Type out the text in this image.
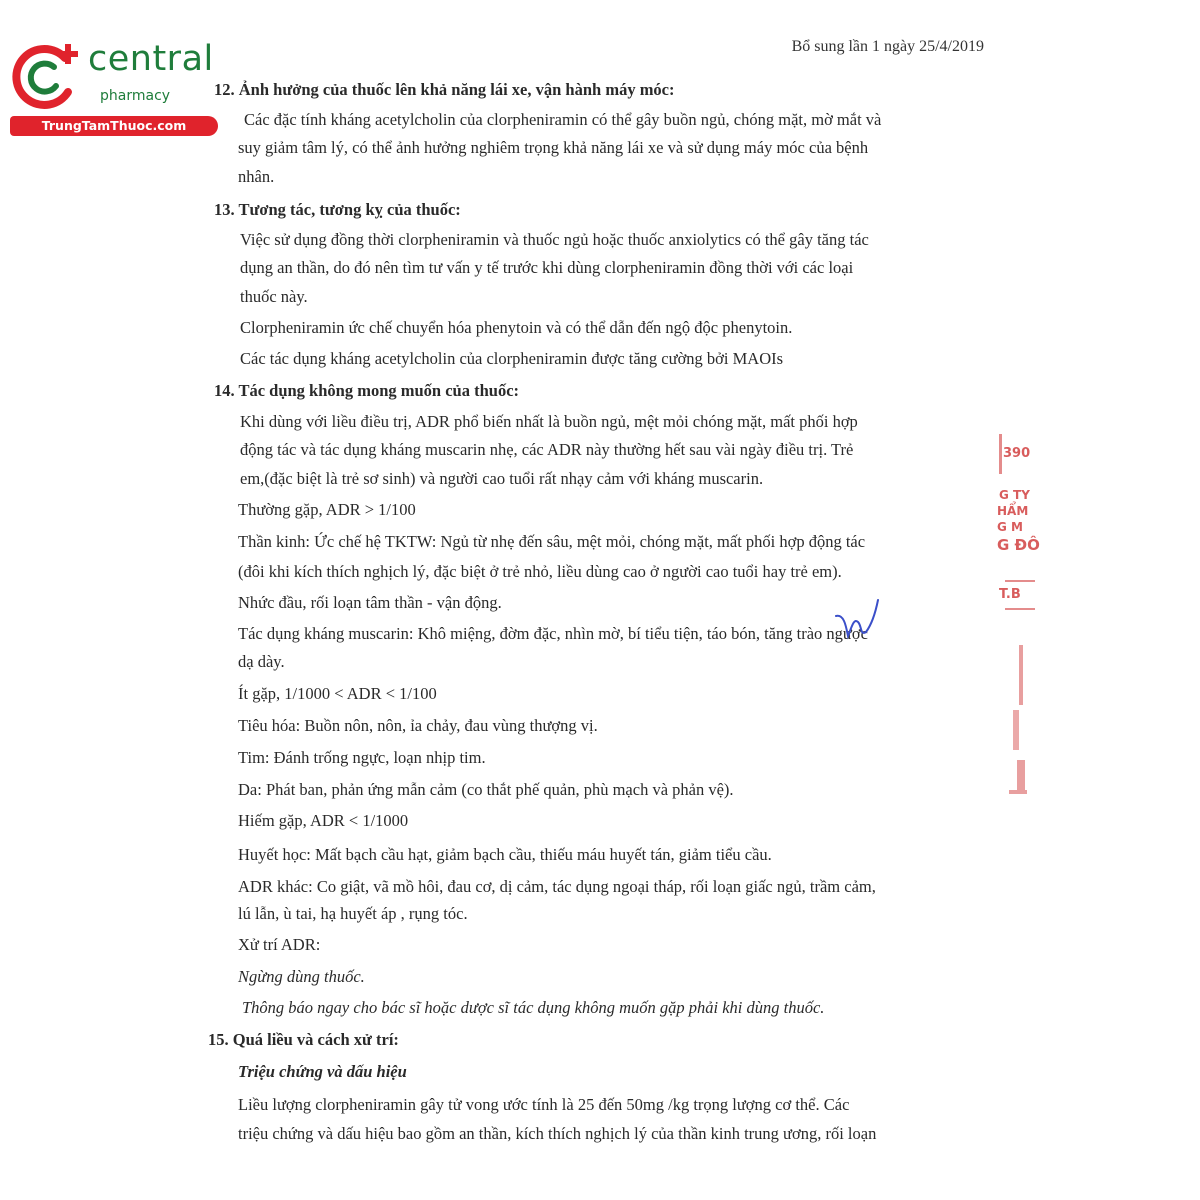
central
pharmacy
TrungTamThuoc.com
Bổ sung lần 1 ngày 25/4/2019
12. Ảnh hưởng của thuốc lên khả năng lái xe, vận hành máy móc:
Các đặc tính kháng acetylcholin của clorpheniramin có thể gây buồn ngủ, chóng mặt, mờ mắt và
suy giảm tâm lý, có thể ảnh hưởng nghiêm trọng khả năng lái xe và sử dụng máy móc của bệnh
nhân.
13. Tương tác, tương kỵ của thuốc:
Việc sử dụng đồng thời clorpheniramin và thuốc ngủ hoặc thuốc anxiolytics có thể gây tăng tác
dụng an thần, do đó nên tìm tư vấn y tế trước khi dùng clorpheniramin đồng thời với các loại
thuốc này.
Clorpheniramin ức chế chuyển hóa phenytoin và có thể dẫn đến ngộ độc phenytoin.
Các tác dụng kháng acetylcholin của clorpheniramin được tăng cường bởi MAOIs
14. Tác dụng không mong muốn của thuốc:
Khi dùng với liều điều trị, ADR phổ biến nhất là buồn ngủ, mệt mỏi chóng mặt, mất phối hợp
động tác và tác dụng kháng muscarin nhẹ, các ADR này thường hết sau vài ngày điều trị. Trẻ
em,(đặc biệt là trẻ sơ sinh) và người cao tuổi rất nhạy cảm với kháng muscarin.
Thường gặp, ADR > 1/100
Thần kinh: Ức chế hệ TKTW: Ngủ từ nhẹ đến sâu, mệt mỏi, chóng mặt, mất phối hợp động tác
(đôi khi kích thích nghịch lý, đặc biệt ở trẻ nhỏ, liều dùng cao ở người cao tuổi hay trẻ em).
Nhức đầu, rối loạn tâm thần - vận động.
Tác dụng kháng muscarin: Khô miệng, đờm đặc, nhìn mờ, bí tiểu tiện, táo bón, tăng trào ngược
dạ dày.
Ít gặp, 1/1000 < ADR < 1/100
Tiêu hóa: Buồn nôn, nôn, ỉa chảy, đau vùng thượng vị.
Tim: Đánh trống ngực, loạn nhịp tim.
Da: Phát ban, phản ứng mẫn cảm (co thắt phế quản, phù mạch và phản vệ).
Hiếm gặp, ADR < 1/1000
Huyết học: Mất bạch cầu hạt, giảm bạch cầu, thiếu máu huyết tán, giảm tiểu cầu.
ADR khác: Co giật, vã mồ hôi, đau cơ, dị cảm, tác dụng ngoại tháp, rối loạn giấc ngủ, trầm cảm,
lú lẫn, ù tai, hạ huyết áp , rụng tóc.
Xử trí ADR:
Ngừng dùng thuốc.
Thông báo ngay cho bác sĩ hoặc dược sĩ tác dụng không muốn gặp phải khi dùng thuốc.
15. Quá liều và cách xử trí:
Triệu chứng và dấu hiệu
Liều lượng clorpheniramin gây tử vong ước tính là 25 đến 50mg /kg trọng lượng cơ thể. Các
triệu chứng và dấu hiệu bao gồm an thần, kích thích nghịch lý của thần kinh trung ương, rối loạn
390
G TY
HẨM
G M
G ĐÔ
T.B
